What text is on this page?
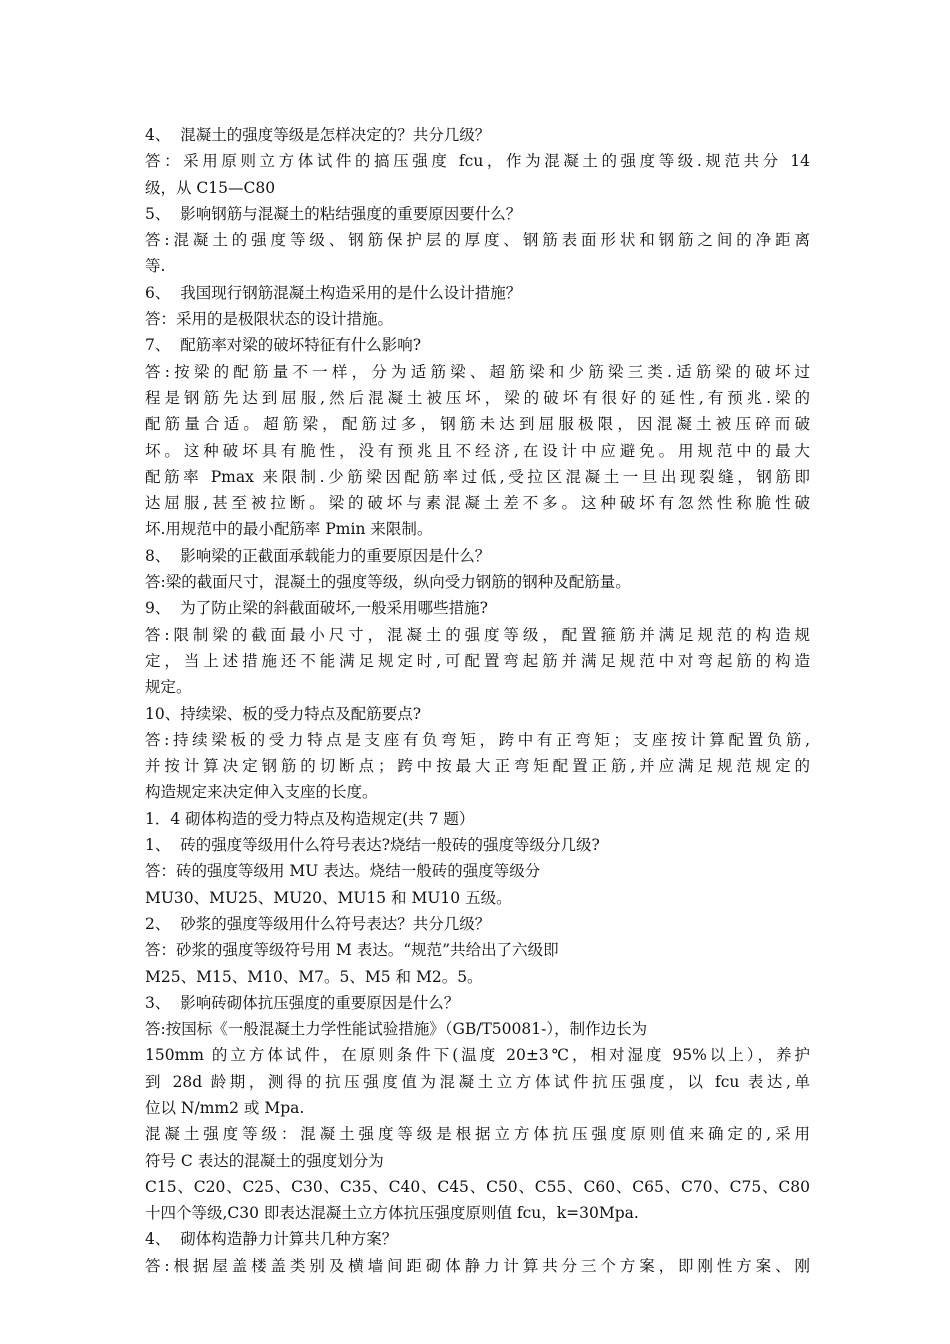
4、  混凝土的强度等级是怎样决定的？共分几级？
答：采用原则立方体试件的搞压强度 fcu，作为混凝土的强度等级.规范共分 14
级，从 C15—C80
5、  影响钢筋与混凝土的粘结强度的重要原因要什么？
答:混凝土的强度等级、钢筋保护层的厚度、钢筋表面形状和钢筋之间的净距离
等.
6、  我国现行钢筋混凝土构造采用的是什么设计措施？
答：采用的是极限状态的设计措施。
7、  配筋率对梁的破坏特征有什么影响?
答:按梁的配筋量不一样，分为适筋梁、超筋梁和少筋梁三类.适筋梁的破坏过
程是钢筋先达到屈服,然后混凝土被压坏，梁的破坏有很好的延性,有预兆.梁的
配筋量合适。超筋梁，配筋过多，钢筋未达到屈服极限，因混凝土被压碎而破
坏。这种破坏具有脆性，没有预兆且不经济,在设计中应避免。用规范中的最大
配筋率 Pmax 来限制.少筋梁因配筋率过低,受拉区混凝土一旦出现裂缝，钢筋即
达屈服,甚至被拉断。梁的破坏与素混凝土差不多。这种破坏有忽然性称脆性破
坏.用规范中的最小配筋率 Pmin 来限制。
8、  影响梁的正截面承载能力的重要原因是什么？
答:梁的截面尺寸，混凝土的强度等级，纵向受力钢筋的钢种及配筋量。
9、  为了防止梁的斜截面破坏,一般采用哪些措施?
答:限制梁的截面最小尺寸，混凝土的强度等级，配置箍筋并满足规范的构造规
定，当上述措施还不能满足规定时,可配置弯起筋并满足规范中对弯起筋的构造
规定。
10、持续梁、板的受力特点及配筋要点?
答:持续梁板的受力特点是支座有负弯矩，跨中有正弯矩；支座按计算配置负筋,
并按计算决定钢筋的切断点；跨中按最大正弯矩配置正筋,并应满足规范规定的
构造规定来决定伸入支座的长度。
1．4 砌体构造的受力特点及构造规定(共 7 题）
1、  砖的强度等级用什么符号表达?烧结一般砖的强度等级分几级?
答：砖的强度等级用 MU 表达。烧结一般砖的强度等级分
MU30、MU25、MU20、MU15 和 MU10 五级。
2、  砂浆的强度等级用什么符号表达？共分几级？
答：砂浆的强度等级符号用 M 表达。“规范”共给出了六级即
M25、M15、M10、M7。5、M5 和 M2。5。
3、  影响砖砌体抗压强度的重要原因是什么？
答:按国标《一般混凝土力学性能试验措施》（GB/T50081-），制作边长为
150mm 的立方体试件，在原则条件下(温度 20±3℃，相对湿度 95%以上），养护
到 28d 龄期，测得的抗压强度值为混凝土立方体试件抗压强度，以 fcu 表达,单
位以 N/mm2 或 Mpa.
混凝土强度等级：混凝土强度等级是根据立方体抗压强度原则值来确定的,采用
符号 C 表达的混凝土的强度划分为
C15、C20、C25、C30、C35、C40、C45、C50、C55、C60、C65、C70、C75、C80
十四个等级,C30 即表达混凝土立方体抗压强度原则值 fcu，k=30Mpa.
4、  砌体构造静力计算共几种方案？
答:根据屋盖楼盖类别及横墙间距砌体静力计算共分三个方案，即刚性方案、刚
